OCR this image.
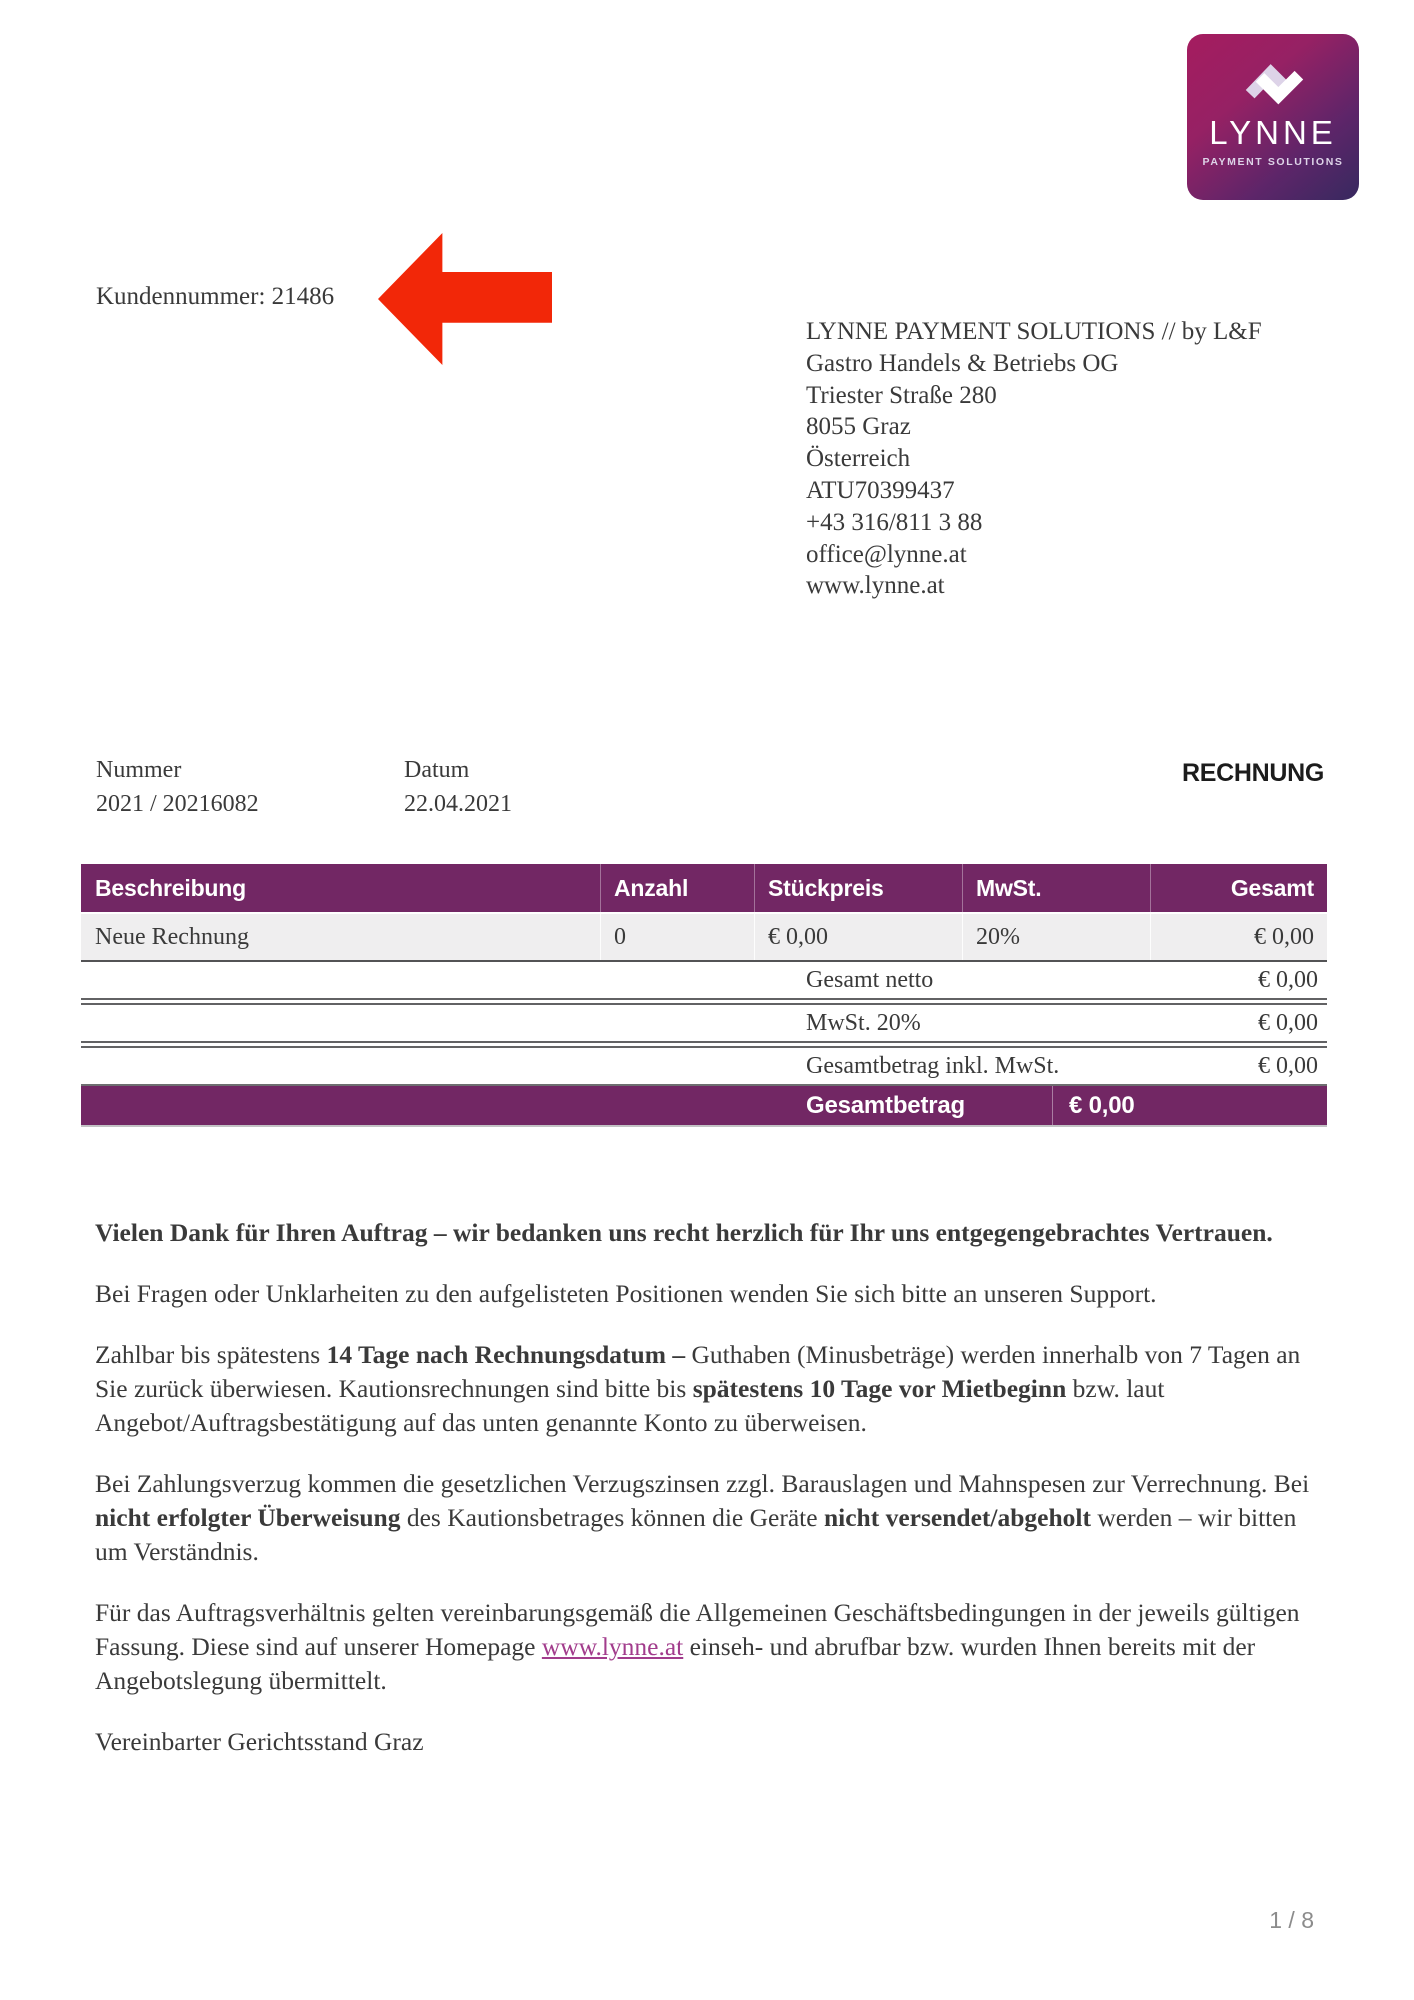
LYNNE
PAYMENT SOLUTIONS
Kundennummer: 21486
LYNNE PAYMENT SOLUTIONS // by L&F
Gastro Handels & Betriebs OG
Triester Straße 280
8055 Graz
Österreich
ATU70399437
+43 316/811 3 88
office@lynne.at
www.lynne.at
Nummer
2021 / 20216082
Datum
22.04.2021
RECHNUNG
Beschreibung	Anzahl	Stückpreis	MwSt.	Gesamt
Neue Rechnung	0	€ 0,00	20%	€ 0,00
Gesamt netto	€ 0,00
MwSt. 20%	€ 0,00
Gesamtbetrag inkl. MwSt.	€ 0,00
Gesamtbetrag	€ 0,00

Vielen Dank für Ihren Auftrag – wir bedanken uns recht herzlich für Ihr uns entgegengebrachtes Vertrauen.

Bei Fragen oder Unklarheiten zu den aufgelisteten Positionen wenden Sie sich bitte an unseren Support.

Zahlbar bis spätestens 14 Tage nach Rechnungsdatum – Guthaben (Minusbeträge) werden innerhalb von 7 Tagen an Sie zurück überwiesen. Kautionsrechnungen sind bitte bis spätestens 10 Tage vor Mietbeginn bzw. laut Angebot/Auftragsbestätigung auf das unten genannte Konto zu überweisen.

Bei Zahlungsverzug kommen die gesetzlichen Verzugszinsen zzgl. Barauslagen und Mahnspesen zur Verrechnung. Bei nicht erfolgter Überweisung des Kautionsbetrages können die Geräte nicht versendet/abgeholt werden – wir bitten um Verständnis.

Für das Auftragsverhältnis gelten vereinbarungsgemäß die Allgemeinen Geschäftsbedingungen in der jeweils gültigen Fassung. Diese sind auf unserer Homepage www.lynne.at einseh- und abrufbar bzw. wurden Ihnen bereits mit der Angebotslegung übermittelt.

Vereinbarter Gerichtsstand Graz

1 / 8
